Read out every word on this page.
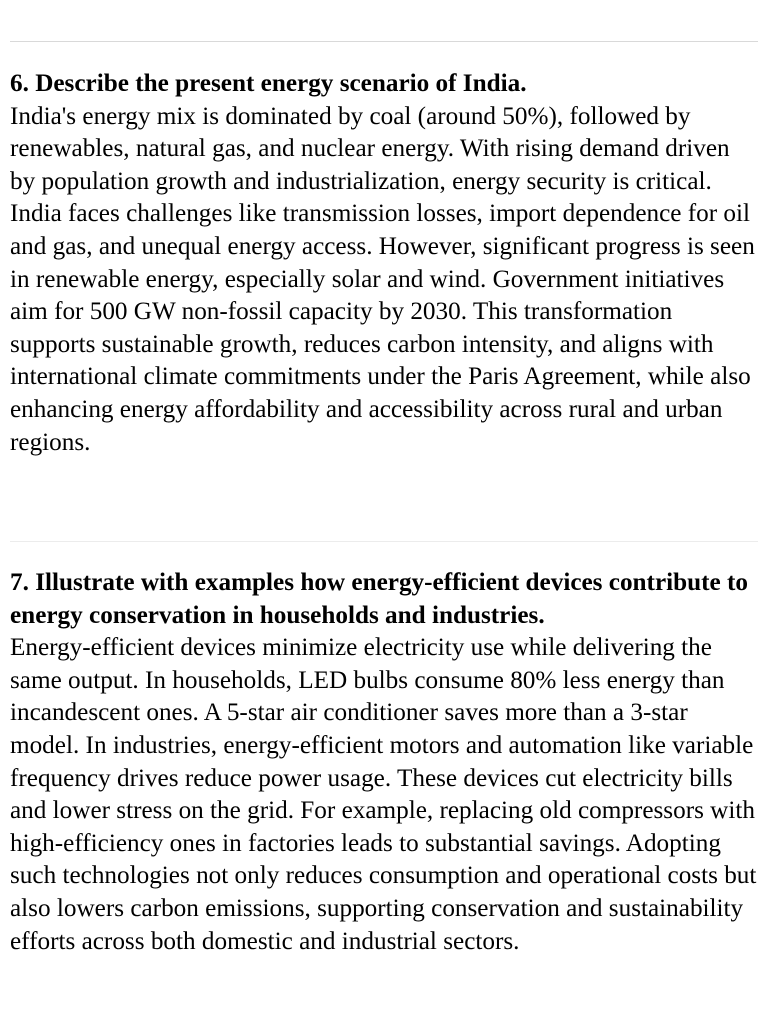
6. Describe the present energy scenario of India.

India's energy mix is dominated by coal (around 50%), followed by renewables, natural gas, and nuclear energy. With rising demand driven by population growth and industrialization, energy security is critical. India faces challenges like transmission losses, import dependence for oil and gas, and unequal energy access. However, significant progress is seen in renewable energy, especially solar and wind. Government initiatives aim for 500 GW non-fossil capacity by 2030. This transformation supports sustainable growth, reduces carbon intensity, and aligns with international climate commitments under the Paris Agreement, while also enhancing energy affordability and accessibility across rural and urban regions.

7. Illustrate with examples how energy-efficient devices contribute to energy conservation in households and industries.

Energy-efficient devices minimize electricity use while delivering the same output. In households, LED bulbs consume 80% less energy than incandescent ones. A 5-star air conditioner saves more than a 3-star model. In industries, energy-efficient motors and automation like variable frequency drives reduce power usage. These devices cut electricity bills and lower stress on the grid. For example, replacing old compressors with high-efficiency ones in factories leads to substantial savings. Adopting such technologies not only reduces consumption and operational costs but also lowers carbon emissions, supporting conservation and sustainability efforts across both domestic and industrial sectors.
